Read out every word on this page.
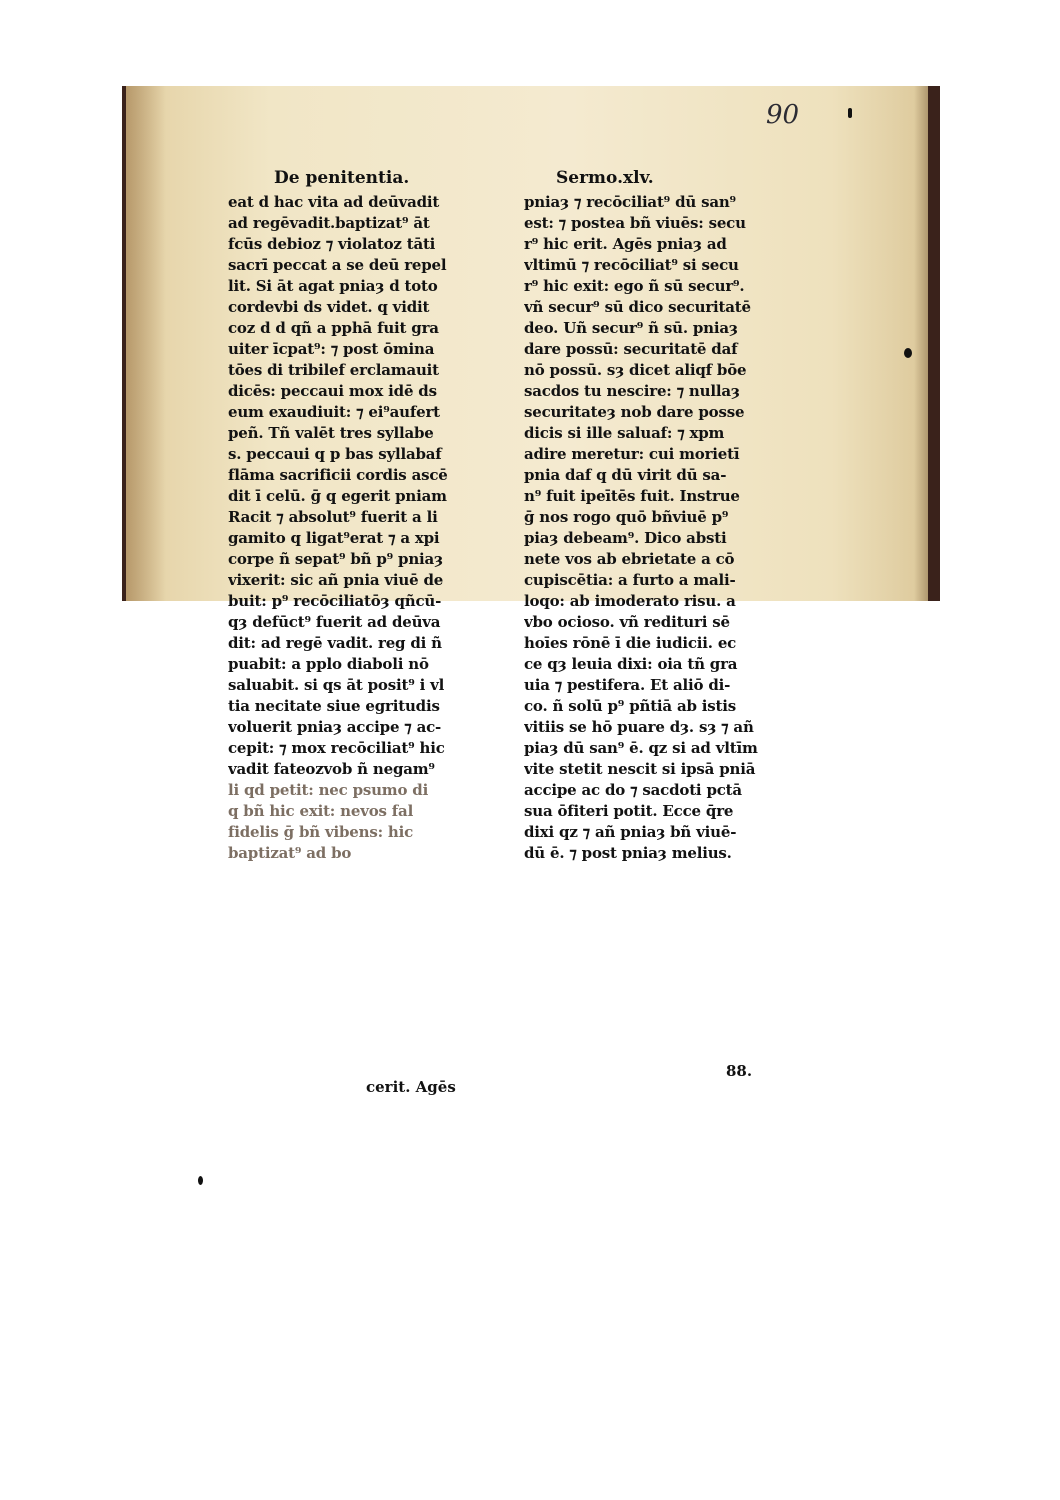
90
De penitentia.	Sermo.xlv.
eat d hac vita ad deūvadit
ad regēvadit.baptizat⁹ āt
fcūs debioz ⁊ violatoz tāti
sacrī peccat a se deū repel
lit. Si āt agat pniaȝ d toto
cordevbi ds videt. q vidit
coz d d qñ a pphā fuit gra
uiter īcpat⁹: ⁊ post ōmina
tōes di tribilef erclamauit
dicēs: peccaui mox idē ds
eum exaudiuit: ⁊ ei⁹aufert
peñ. Tñ valēt tres syllabe
s. peccaui q p bas syllabaf
flāma sacrificii cordis ascē
dit ī celū. ḡ q egerit pniam
Racit ⁊ absolut⁹ fuerit a li
gamito q ligat⁹erat ⁊ a xpi
corpe ñ sepat⁹ bñ p⁹ pniaȝ
vixerit: sic añ pnia viuē de
buit: p⁹ recōciliatōȝ qñcū-
qȝ defūct⁹ fuerit ad deūva
dit: ad regē vadit. reg di ñ
puabit: a pplo diaboli nō
saluabit. si qs āt posit⁹ i vl
tia necitate siue egritudis
voluerit pniaȝ accipe ⁊ ac-
cepit: ⁊ mox recōciliat⁹ hic
vadit fateozvob ñ negam⁹
li qd petit: nec psumo di
q bñ hic exit: nevos fal
fidelis ḡ bñ vibens: hic
baptizat⁹ ad bo
pniaȝ ⁊ recōciliat⁹ dū san⁹
est: ⁊ postea bñ viuēs: secu
r⁹ hic erit. Agēs pniaȝ ad
vltimū ⁊ recōciliat⁹ si secu
r⁹ hic exit: ego ñ sū secur⁹.
vñ secur⁹ sū dico securitatē
deo. Uñ secur⁹ ñ sū. pniaȝ
dare possū: securitatē daf
nō possū. sȝ dicet aliqf bōe
sacdos tu nescire: ⁊ nullaȝ
securitateȝ nob dare posse
dicis si ille saluaf: ⁊ xpm
adire meretur: cui morietī
pnia daf q dū virit dū sa-
n⁹ fuit ipeītēs fuit. Instrue
ḡ nos rogo quō bñviuē p⁹
piaȝ debeam⁹. Dico absti
nete vos ab ebrietate a cō
cupiscētia: a furto a mali-
loqo: ab imoderato risu. a
vbo ocioso. vñ redituri sē
hoīes rōnē ī die iudicii. ec
ce qȝ leuia dixi: oia tñ gra
uia ⁊ pestifera. Et aliō di-
co. ñ solū p⁹ pñtiā ab istis
vitiis se hō puare dȝ. sȝ ⁊ añ
piaȝ dū san⁹ ē. qz si ad vltīm
vite stetit nescit si ipsā pniā
accipe ac do ⁊ sacdoti pctā
sua ōfiteri potit. Ecce q̄re
dixi qz ⁊ añ pniaȝ bñ viuē-
dū ē. ⁊ post pniaȝ melius.
cerit. Agēs
88.
